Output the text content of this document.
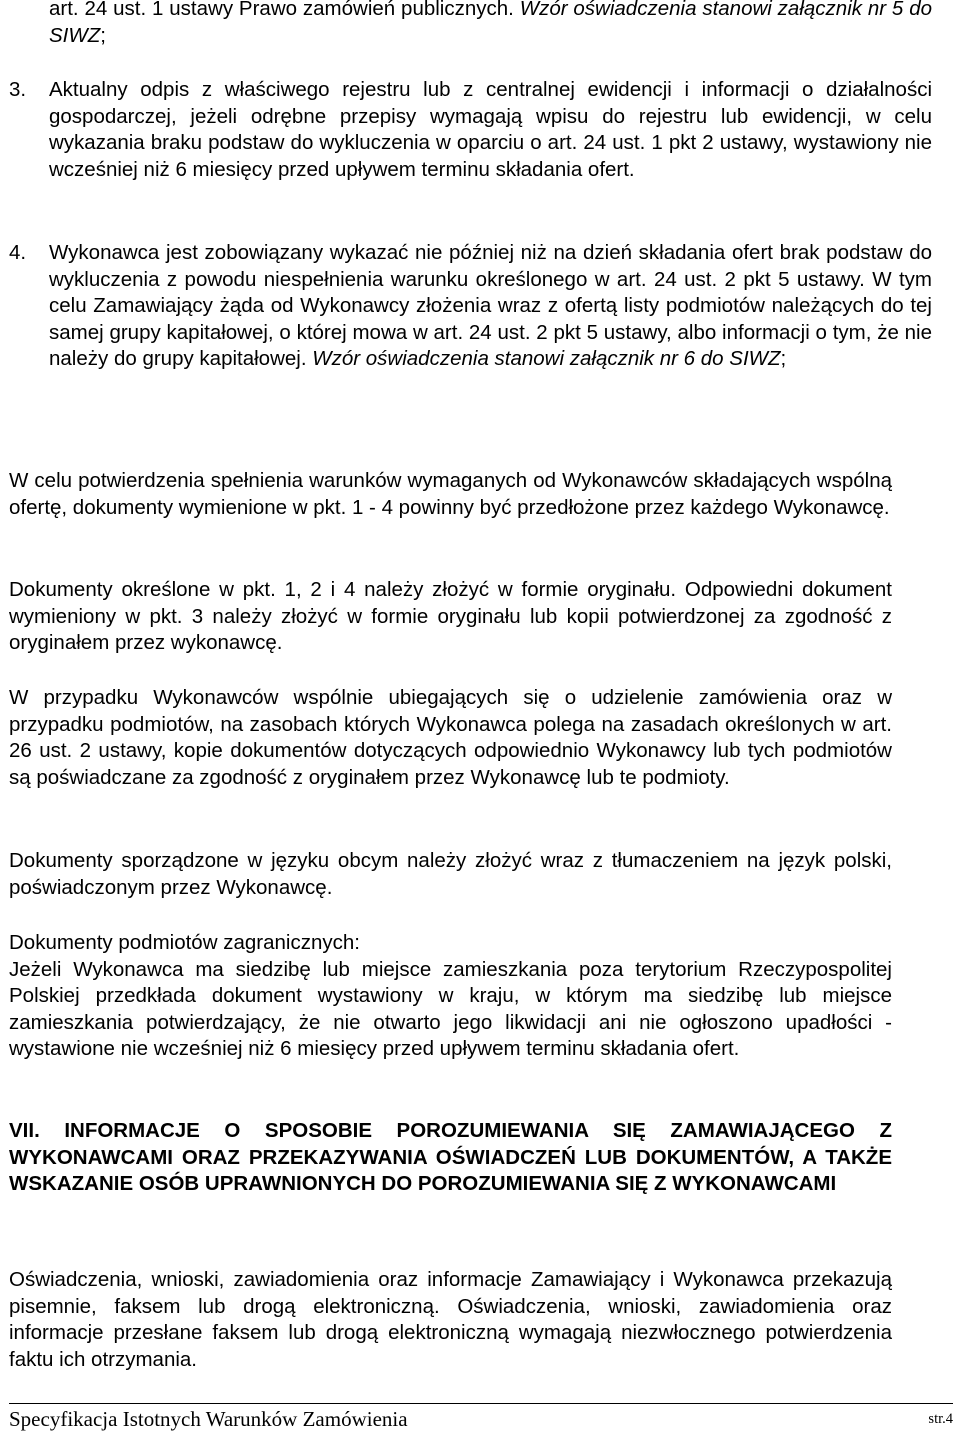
art. 24 ust. 1 ustawy Prawo zamówień publicznych. Wzór oświadczenia stanowi załącznik nr 5 do SIWZ;

3. Aktualny odpis z właściwego rejestru lub z centralnej ewidencji i informacji o działalności gospodarczej, jeżeli odrębne przepisy wymagają wpisu do rejestru lub ewidencji, w celu wykazania braku podstaw do wykluczenia w oparciu o art. 24 ust. 1 pkt 2 ustawy, wystawiony nie wcześniej niż 6 miesięcy przed upływem terminu składania ofert.

4. Wykonawca jest zobowiązany wykazać nie później niż na dzień składania ofert brak podstaw do wykluczenia z powodu niespełnienia warunku określonego w art. 24 ust. 2 pkt 5 ustawy. W tym celu Zamawiający żąda od Wykonawcy złożenia wraz z ofertą listy podmiotów należących do tej samej grupy kapitałowej, o której mowa w art. 24 ust. 2 pkt 5 ustawy, albo informacji o tym, że nie należy do grupy kapitałowej. Wzór oświadczenia stanowi załącznik nr 6 do SIWZ;

W celu potwierdzenia spełnienia warunków wymaganych od Wykonawców składających wspólną ofertę, dokumenty wymienione w pkt. 1 - 4 powinny być przedłożone przez każdego Wykonawcę.

Dokumenty określone w pkt. 1, 2 i 4 należy złożyć w formie oryginału. Odpowiedni dokument wymieniony w pkt. 3 należy złożyć w formie oryginału lub kopii potwierdzonej za zgodność z oryginałem przez wykonawcę.

W przypadku Wykonawców wspólnie ubiegających się o udzielenie zamówienia oraz w przypadku podmiotów, na zasobach których Wykonawca polega na zasadach określonych w art. 26 ust. 2 ustawy, kopie dokumentów dotyczących odpowiednio Wykonawcy lub tych podmiotów są poświadczane za zgodność z oryginałem przez Wykonawcę lub te podmioty.

Dokumenty sporządzone w języku obcym należy złożyć wraz z tłumaczeniem na język polski, poświadczonym przez Wykonawcę.

Dokumenty podmiotów zagranicznych:

Jeżeli Wykonawca ma siedzibę lub miejsce zamieszkania poza terytorium Rzeczypospolitej Polskiej przedkłada dokument wystawiony w kraju, w którym ma siedzibę lub miejsce zamieszkania potwierdzający, że nie otwarto jego likwidacji ani nie ogłoszono upadłości - wystawione nie wcześniej niż 6 miesięcy przed upływem terminu składania ofert.

VII. INFORMACJE O SPOSOBIE POROZUMIEWANIA SIĘ ZAMAWIAJĄCEGO Z WYKONAWCAMI ORAZ PRZEKAZYWANIA OŚWIADCZEŃ LUB DOKUMENTÓW, A TAKŻE WSKAZANIE OSÓB UPRAWNIONYCH DO POROZUMIEWANIA SIĘ Z WYKONAWCAMI

Oświadczenia, wnioski, zawiadomienia oraz informacje Zamawiający i Wykonawca przekazują pisemnie, faksem lub drogą elektroniczną. Oświadczenia, wnioski, zawiadomienia oraz informacje przesłane faksem lub drogą elektroniczną wymagają niezwłocznego potwierdzenia faktu ich otrzymania.

Specyfikacja Istotnych Warunków Zamówienia	str.4
